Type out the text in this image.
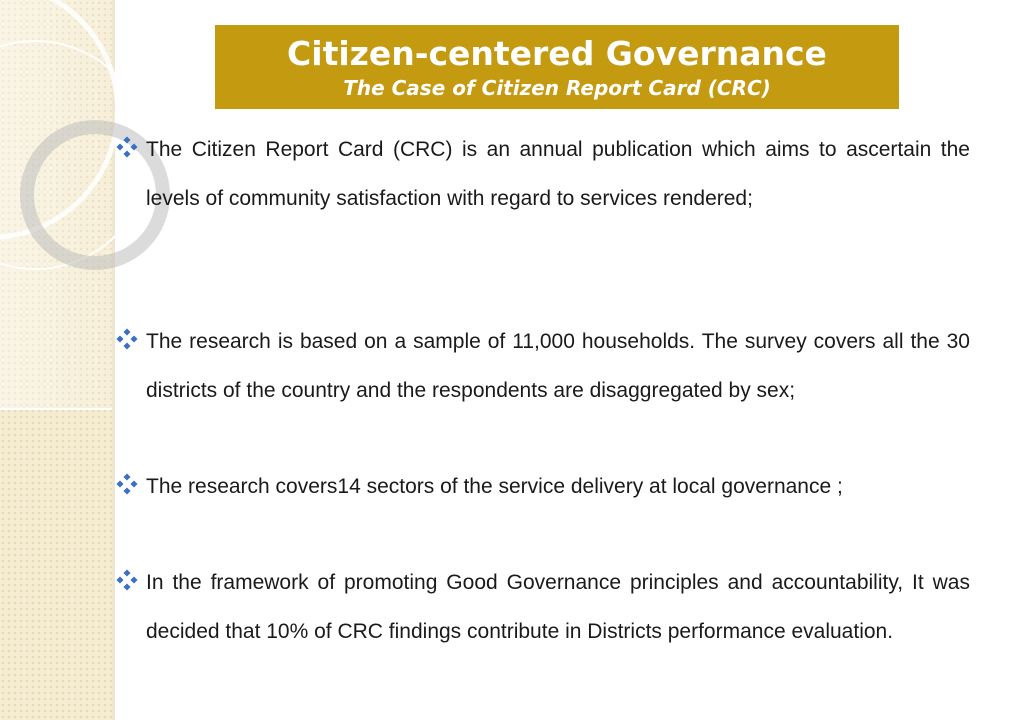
Citizen-centered Governance
The Case of Citizen Report Card (CRC)
The Citizen Report Card (CRC) is an annual publication which aims to ascertain the levels of community satisfaction with regard to services rendered;
The research is based on a sample of 11,000 households. The survey covers all the 30 districts of the country and the respondents are disaggregated by sex;
The research covers14 sectors of the service delivery at local governance ;
In the framework of promoting Good Governance principles and accountability, It was decided that 10% of CRC findings contribute in Districts performance evaluation.
